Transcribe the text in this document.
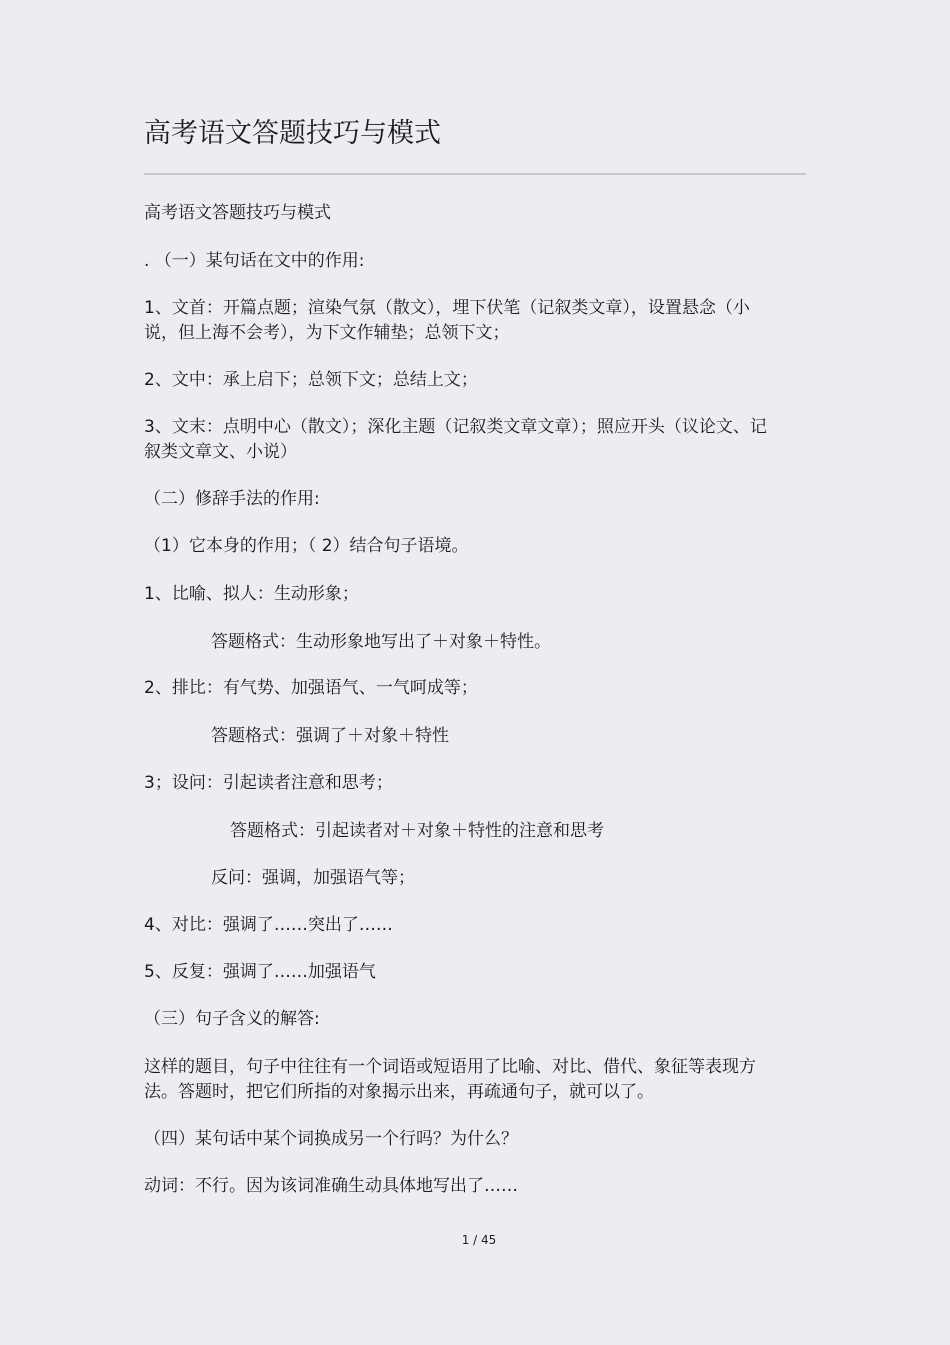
高考语文答题技巧与模式
高考语文答题技巧与模式
. （一）某句话在文中的作用:
1、文首：开篇点题；渲染气氛（散文），埋下伏笔（记叙类文章），设置悬念（小说，但上海不会考），为下文作辅垫；总领下文；
2、文中：承上启下；总领下文；总结上文；
3、文末：点明中心（散文）；深化主题（记叙类文章文章）；照应开头（议论文、记叙类文章文、小说）
（二）修辞手法的作用:
（1）它本身的作用；（ 2）结合句子语境。
1、比喻、拟人：生动形象；
答题格式：生动形象地写出了＋对象＋特性。
2、排比：有气势、加强语气、一气呵成等；
答题格式：强调了＋对象＋特性
3；设问：引起读者注意和思考；
答题格式：引起读者对＋对象＋特性的注意和思考
反问：强调，加强语气等；
4、对比：强调了……突出了……
5、反复：强调了……加强语气
（三）句子含义的解答:
这样的题目，句子中往往有一个词语或短语用了比喻、对比、借代、象征等表现方法。答题时，把它们所指的对象揭示出来，再疏通句子，就可以了。
（四）某句话中某个词换成另一个行吗？为什么？
动词：不行。因为该词准确生动具体地写出了……
1 / 45
